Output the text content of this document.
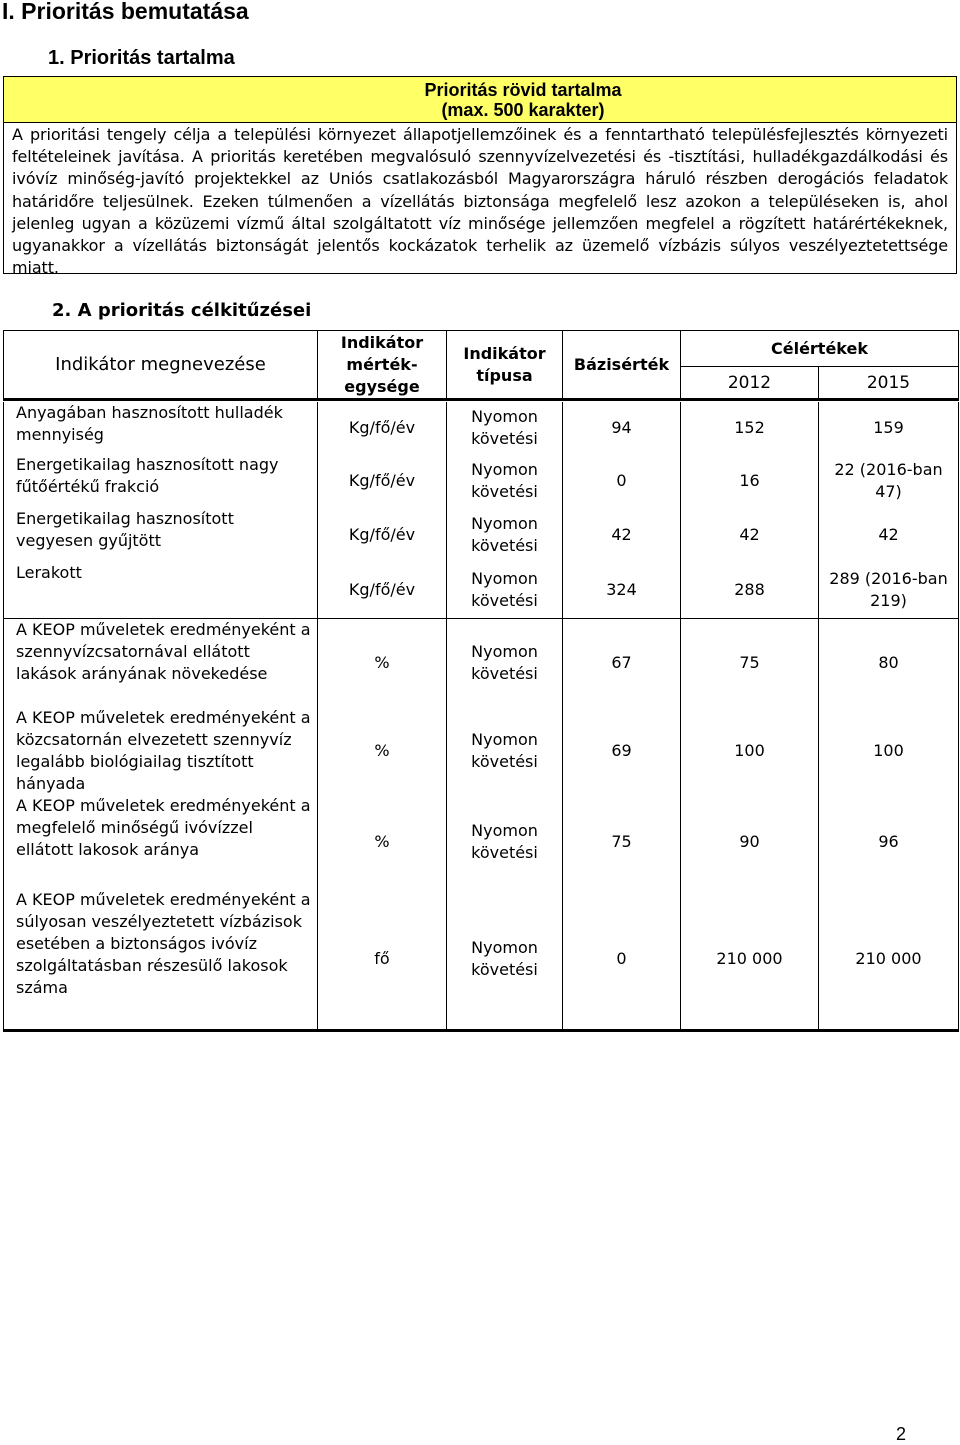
I. Prioritás bemutatása
1. Prioritás tartalma
Prioritás rövid tartalma
(max. 500 karakter)
A prioritási tengely célja a települési környezet állapotjellemzőinek és a fenntartható településfejlesztés környezeti feltételeinek javítása. A prioritás keretében megvalósuló szennyvízelvezetési és -tisztítási, hulladékgazdálkodási és ivóvíz minőség-javító projektekkel az Uniós csatlakozásból Magyarországra háruló részben derogációs feladatok határidőre teljesülnek. Ezeken túlmenően a vízellátás biztonsága megfelelő lesz azokon a településeken is, ahol jelenleg ugyan a közüzemi vízmű által szolgáltatott víz minősége jellemzően megfelel a rögzített határértékeknek, ugyanakkor a vízellátás biztonságát jelentős kockázatok terhelik az üzemelő vízbázis súlyos veszélyeztetettsége miatt.
2. A prioritás célkitűzései
Indikátor megnevezése	Indikátor mérték-egysége	Indikátor típusa	Bázisérték	Célértékek	
				2012	2015

Anyagában hasznosított hulladék mennyiség	Kg/fő/év	Nyomon követési	94	152	159
Energetikailag hasznosított nagy fűtőértékű frakció	Kg/fő/év	Nyomon követési	0	16	22 (2016-ban 47)
Energetikailag hasznosított vegyesen gyűjtött	Kg/fő/év	Nyomon követési	42	42	42
Lerakott	Kg/fő/év	Nyomon követési	324	288	289 (2016-ban 219)
A KEOP műveletek eredményeként a szennyvízcsatornával ellátott lakások arányának növekedése	%	Nyomon követési	67	75	80
A KEOP műveletek eredményeként a közcsatornán elvezetett szennyvíz legalább biológiailag tisztított hányada	%	Nyomon követési	69	100	100
A KEOP műveletek eredményeként a megfelelő minőségű ivóvízzel ellátott lakosok aránya	%	Nyomon követési	75	90	96
A KEOP műveletek eredményeként a súlyosan veszélyeztetett vízbázisok esetében a biztonságos ivóvíz szolgáltatásban részesülő lakosok száma	fő	Nyomon követési	0	210 000	210 000
2
